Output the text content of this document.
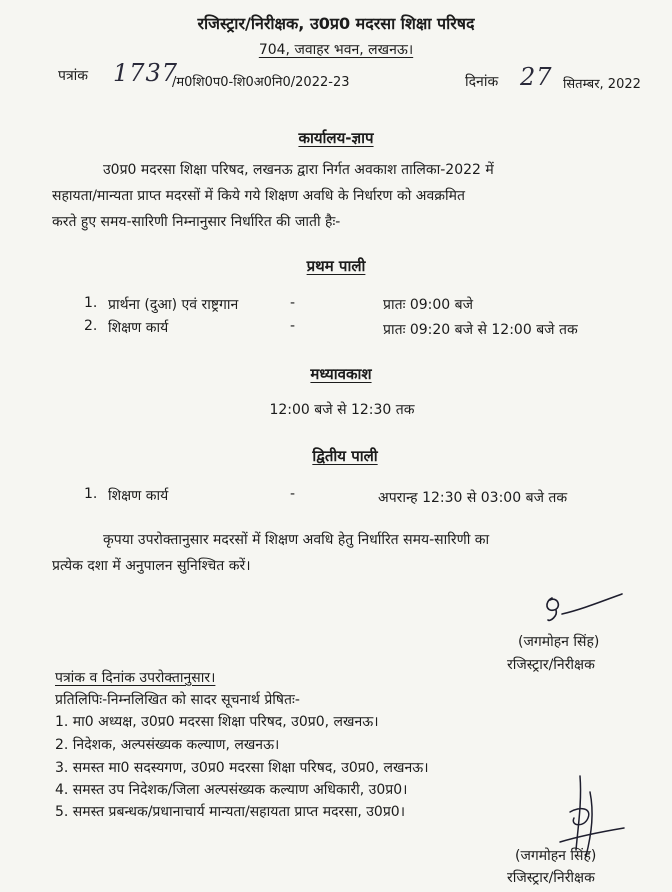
रजिस्ट्रार/निरीक्षक, उ0प्र0 मदरसा शिक्षा परिषद
704, जवाहर भवन, लखनऊ।
पत्रांक 1737
/म0शि0प0-शि0अ0नि0/2022-23	दिनांक 27 सितम्बर, 2022
कार्यालय-ज्ञाप
उ0प्र0 मदरसा शिक्षा परिषद, लखनऊ द्वारा निर्गत अवकाश तालिका-2022 में
सहायता/मान्यता प्राप्त मदरसों में किये गये शिक्षण अवधि के निर्धारण को अवक्रमित
करते हुए समय-सारिणी निम्नानुसार निर्धारित की जाती हैः-
प्रथम पाली
1. प्रार्थना (दुआ) एवं राष्ट्रगान	-	प्रातः 09:00 बजे
2. शिक्षण कार्य	-	प्रातः 09:20 बजे से 12:00 बजे तक
मध्यावकाश
12:00 बजे से 12:30 तक
द्वितीय पाली
1. शिक्षण कार्य	-	अपरान्ह 12:30 से 03:00 बजे तक
कृपया उपरोक्तानुसार मदरसों में शिक्षण अवधि हेतु निर्धारित समय-सारिणी का
प्रत्येक दशा में अनुपालन सुनिश्चित करें।
(जगमोहन सिंह)
रजिस्ट्रार/निरीक्षक
पत्रांक व दिनांक उपरोक्तानुसार।
प्रतिलिपिः-निम्नलिखित को सादर सूचनार्थ प्रेषितः-
1. मा0 अध्यक्ष, उ0प्र0 मदरसा शिक्षा परिषद, उ0प्र0, लखनऊ।
2. निदेशक, अल्पसंख्यक कल्याण, लखनऊ।
3. समस्त मा0 सदस्यगण, उ0प्र0 मदरसा शिक्षा परिषद, उ0प्र0, लखनऊ।
4. समस्त उप निदेशक/जिला अल्पसंख्यक कल्याण अधिकारी, उ0प्र0।
5. समस्त प्रबन्धक/प्रधानाचार्य मान्यता/सहायता प्राप्त मदरसा, उ0प्र0।
(जगमोहन सिंह)
रजिस्ट्रार/निरीक्षक
